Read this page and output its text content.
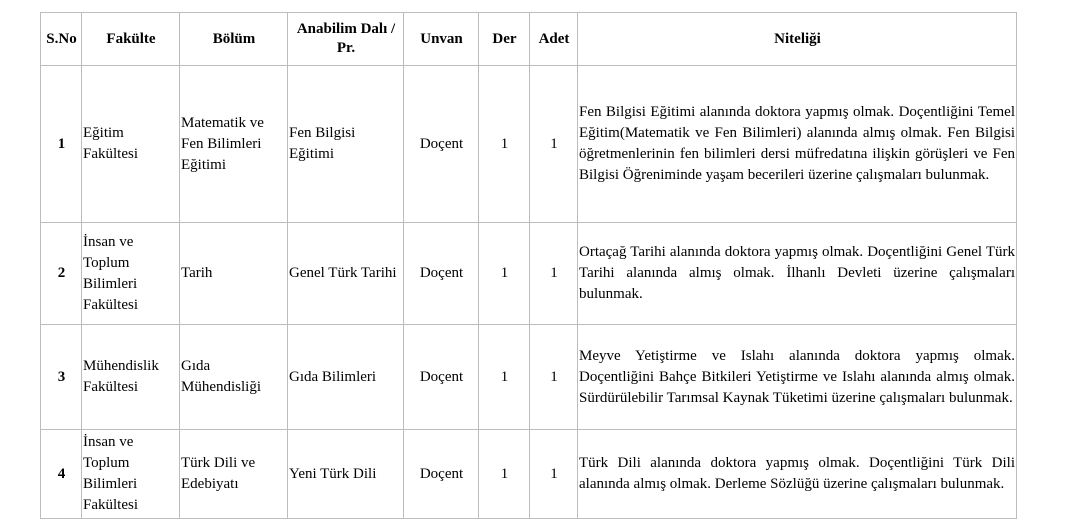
S.No	Fakülte	Bölüm	Anabilim Dalı / Pr.	Unvan	Der	Adet	Niteliği
1	Eğitim Fakültesi	Matematik ve Fen Bilimleri Eğitimi	Fen Bilgisi Eğitimi	Doçent	1	1	Fen Bilgisi Eğitimi alanında doktora yapmış olmak. Doçentliğini Temel Eğitim(Matematik ve Fen Bilimleri) alanında almış olmak. Fen Bilgisi öğretmenlerinin fen bilimleri dersi müfredatına ilişkin görüşleri ve Fen Bilgisi Öğreniminde yaşam becerileri üzerine çalışmaları bulunmak.
2	İnsan ve Toplum Bilimleri Fakültesi	Tarih	Genel Türk Tarihi	Doçent	1	1	Ortaçağ Tarihi alanında doktora yapmış olmak. Doçentliğini Genel Türk Tarihi alanında almış olmak. İlhanlı Devleti üzerine çalışmaları bulunmak.
3	Mühendislik Fakültesi	Gıda Mühendisliği	Gıda Bilimleri	Doçent	1	1	Meyve Yetiştirme ve Islahı alanında doktora yapmış olmak. Doçentliğini Bahçe Bitkileri Yetiştirme ve Islahı alanında almış olmak. Sürdürülebilir Tarımsal Kaynak Tüketimi üzerine çalışmaları bulunmak.
4	İnsan ve Toplum Bilimleri Fakültesi	Türk Dili ve Edebiyatı	Yeni Türk Dili	Doçent	1	1	Türk Dili alanında doktora yapmış olmak. Doçentliğini Türk Dili alanında almış olmak. Derleme Sözlüğü üzerine çalışmaları bulunmak.
